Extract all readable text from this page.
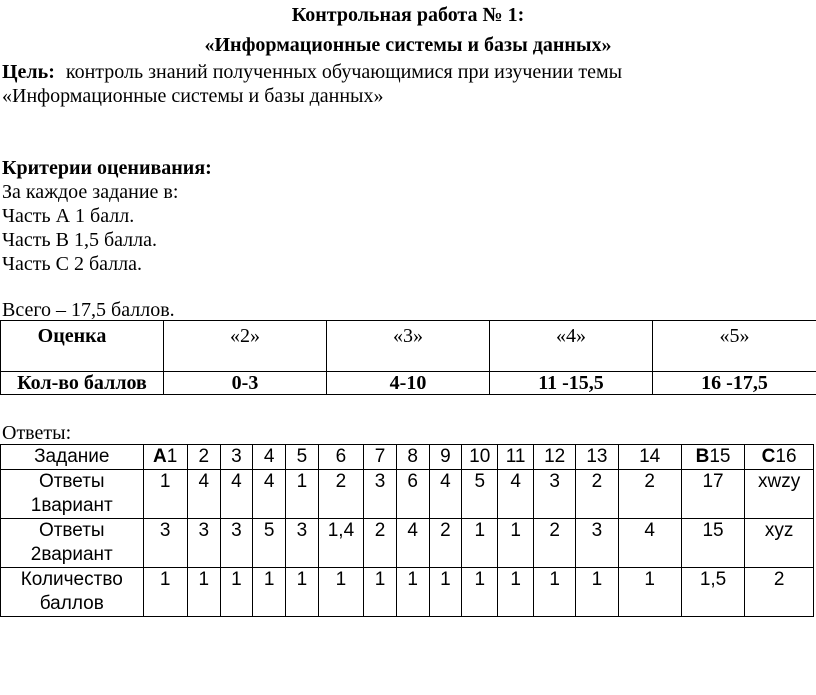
Контрольная работа № 1:
«Информационные системы и базы данных»
Цель: контроль знаний полученных обучающимися при изучении темы
«Информационные системы и базы данных»
Критерии оценивания:
За каждое задание в:
Часть А 1 балл.
Часть В 1,5 балла.
Часть С 2 балла.
Всего – 17,5 баллов.
Оценка	«2»	«3»	«4»	«5»
Кол-во баллов	0-3	4-10	11 -15,5	16 -17,5
Ответы:
Задание	А1	2	3	4	5	6	7	8	9	10	11	12	13	14	В15	С16

Ответы
1вариант	1	4	4	4	1	2	3	6	4	5	4	3	2	2	17	xwzy

Ответы
2вариант	3	3	3	5	3	1,4	2	4	2	1	1	2	3	4	15	xyz

Количество
баллов	1	1	1	1	1	1	1	1	1	1	1	1	1	1	1,5	2
